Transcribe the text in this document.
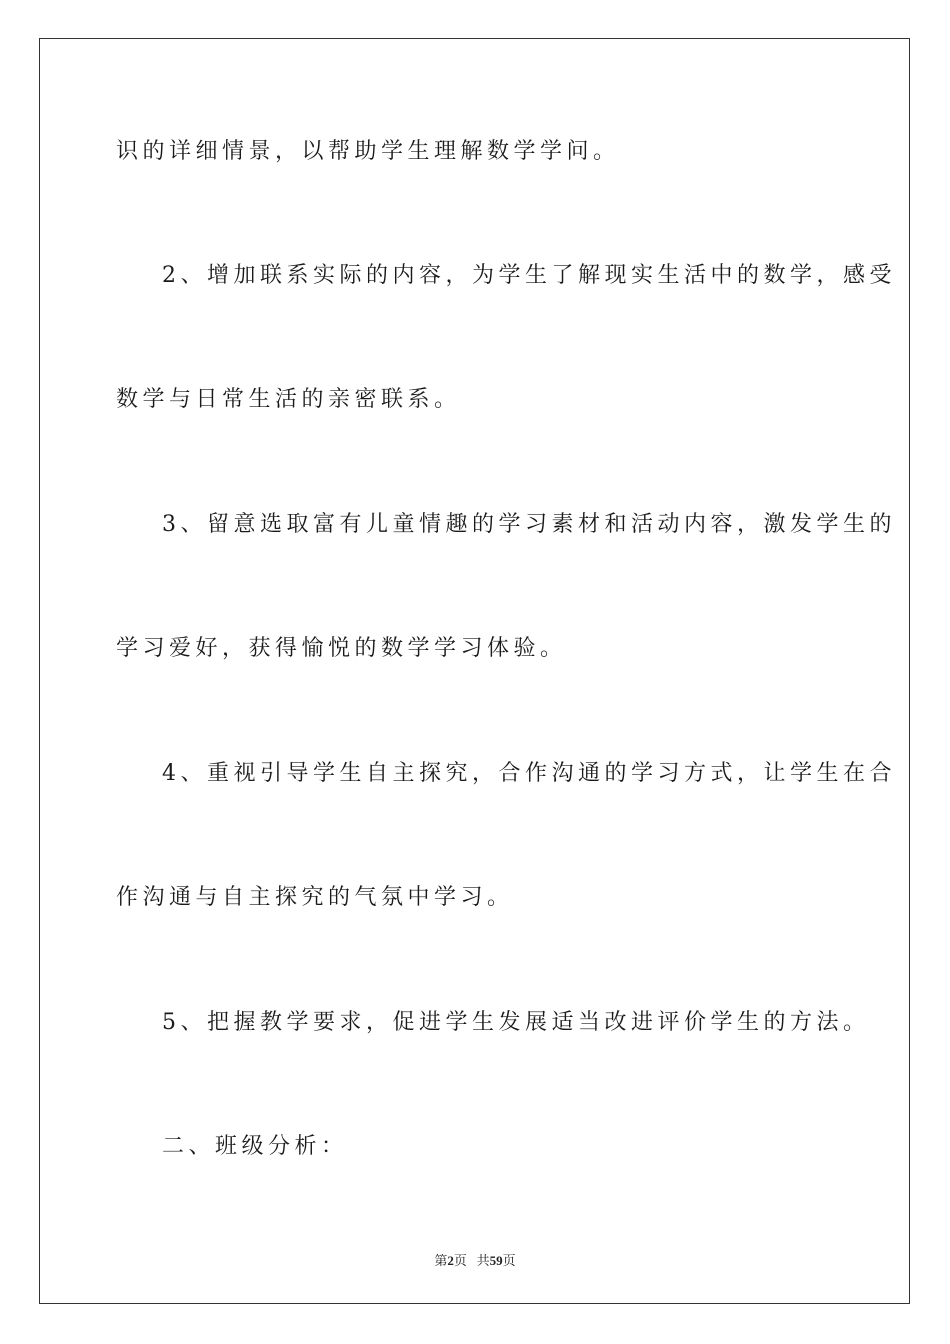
识的详细情景，以帮助学生理解数学学问。
2、增加联系实际的内容，为学生了解现实生活中的数学，感受
数学与日常生活的亲密联系。
3、留意选取富有儿童情趣的学习素材和活动内容，激发学生的
学习爱好，获得愉悦的数学学习体验。
4、重视引导学生自主探究，合作沟通的学习方式，让学生在合
作沟通与自主探究的气氛中学习。
5、把握教学要求，促进学生发展适当改进评价学生的方法。
二、班级分析：
第2页 共59页
